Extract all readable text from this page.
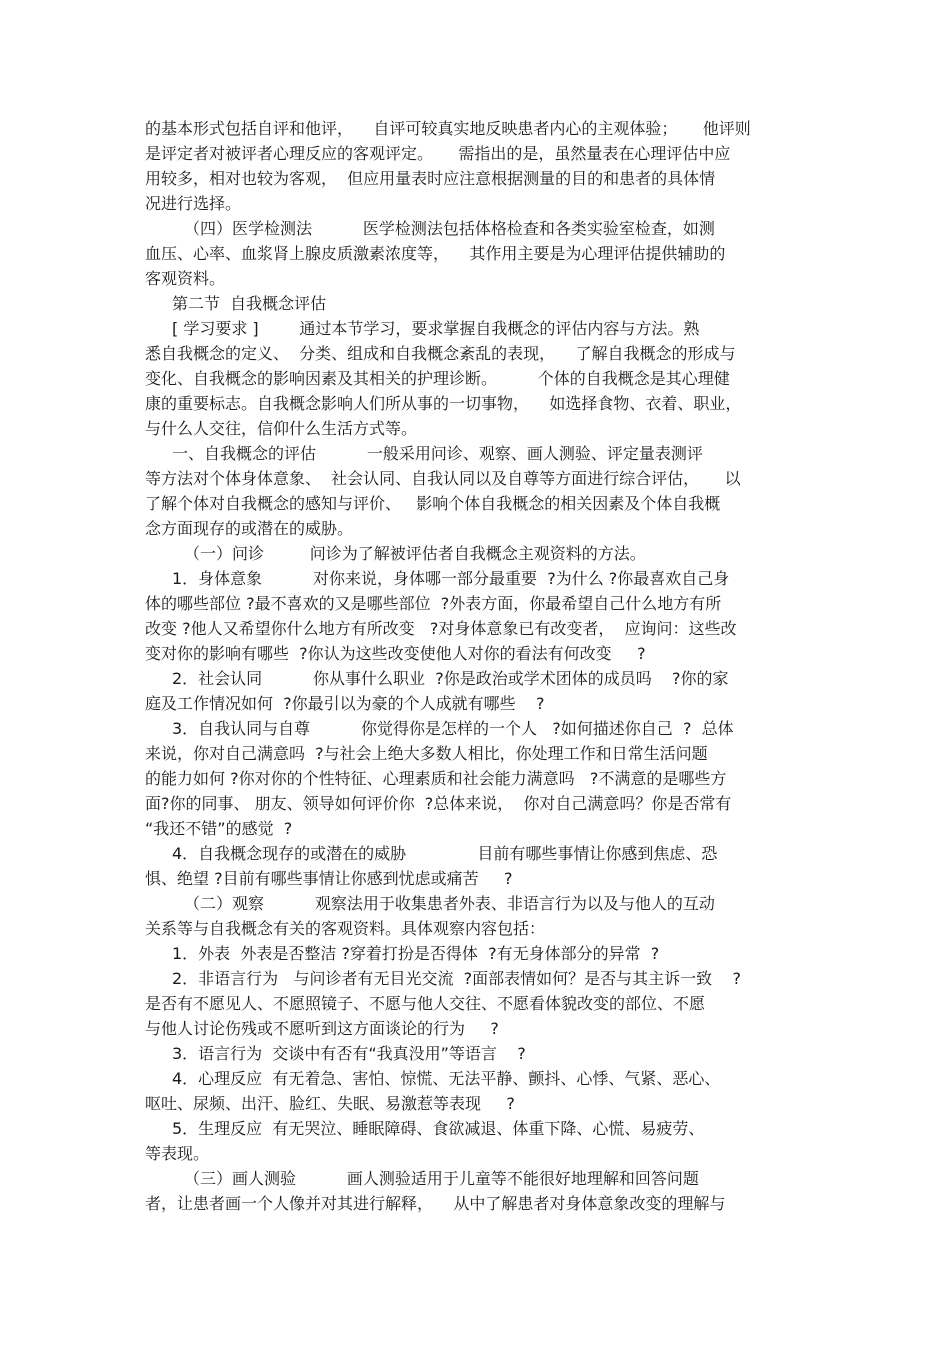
的基本形式包括自评和他评，    自评可较真实地反映患者内心的主观体验；     他评则
是评定者对被评者心理反应的客观评定。     需指出的是，虽然量表在心理评估中应
用较多，相对也较为客观，  但应用量表时应注意根据测量的目的和患者的具体情
况进行选择。
（四）医学检测法          医学检测法包括体格检查和各类实验室检查，如测
血压、心率、血浆肾上腺皮质激素浓度等，    其作用主要是为心理评估提供辅助的
客观资料。
第二节  自我概念评估
[ 学习要求 ]        通过本节学习，要求掌握自我概念的评估内容与方法。熟
悉自我概念的定义、  分类、组成和自我概念紊乱的表现，    了解自我概念的形成与
变化、自我概念的影响因素及其相关的护理诊断。        个体的自我概念是其心理健
康的重要标志。自我概念影响人们所从事的一切事物，    如选择食物、衣着、职业，
与什么人交往，信仰什么生活方式等。
一、自我概念的评估          一般采用问诊、观察、画人测验、评定量表测评
等方法对个体身体意象、  社会认同、自我认同以及自尊等方面进行综合评估，     以
了解个体对自我概念的感知与评价、   影响个体自我概念的相关因素及个体自我概
念方面现存的或潜在的威胁。
（一）问诊         问诊为了解被评估者自我概念主观资料的方法。
1．身体意象          对你来说，身体哪一部分最重要  ?为什么 ?你最喜欢自己身
体的哪些部位 ?最不喜欢的又是哪些部位  ?外表方面，你最希望自己什么地方有所
改变 ?他人又希望你什么地方有所改变   ?对身体意象已有改变者，  应询问：这些改
变对你的影响有哪些  ?你认为这些改变使他人对你的看法有何改变     ?
2．社会认同          你从事什么职业  ?你是政治或学术团体的成员吗    ?你的家
庭及工作情况如何  ?你最引以为豪的个人成就有哪些    ?
3．自我认同与自尊          你觉得你是怎样的一个人   ?如何描述你自己  ?  总体
来说，你对自己满意吗  ?与社会上绝大多数人相比，你处理工作和日常生活问题
的能力如何 ?你对你的个性特征、心理素质和社会能力满意吗   ?不满意的是哪些方
面?你的同事、 朋友、领导如何评价你  ?总体来说，  你对自己满意吗？你是否常有
“我还不错”的感觉  ?
4．自我概念现存的或潜在的威胁              目前有哪些事情让你感到焦虑、恐
惧、绝望 ?目前有哪些事情让你感到忧虑或痛苦     ?
（二）观察          观察法用于收集患者外表、非语言行为以及与他人的互动
关系等与自我概念有关的客观资料。具体观察内容包括：
1．外表  外表是否整洁 ?穿着打扮是否得体  ?有无身体部分的异常  ?
2．非语言行为   与问诊者有无目光交流  ?面部表情如何？是否与其主诉一致    ?
是否有不愿见人、不愿照镜子、不愿与他人交往、不愿看体貌改变的部位、不愿
与他人讨论伤残或不愿听到这方面谈论的行为     ?
3．语言行为  交谈中有否有“我真没用”等语言    ?
4．心理反应  有无着急、害怕、惊慌、无法平静、颤抖、心悸、气紧、恶心、
呕吐、尿频、出汗、脸红、失眠、易激惹等表现     ?
5．生理反应  有无哭泣、睡眠障碍、食欲减退、体重下降、心慌、易疲劳、
等表现。
（三）画人测验          画人测验适用于儿童等不能很好地理解和回答问题
者，让患者画一个人像并对其进行解释，    从中了解患者对身体意象改变的理解与
